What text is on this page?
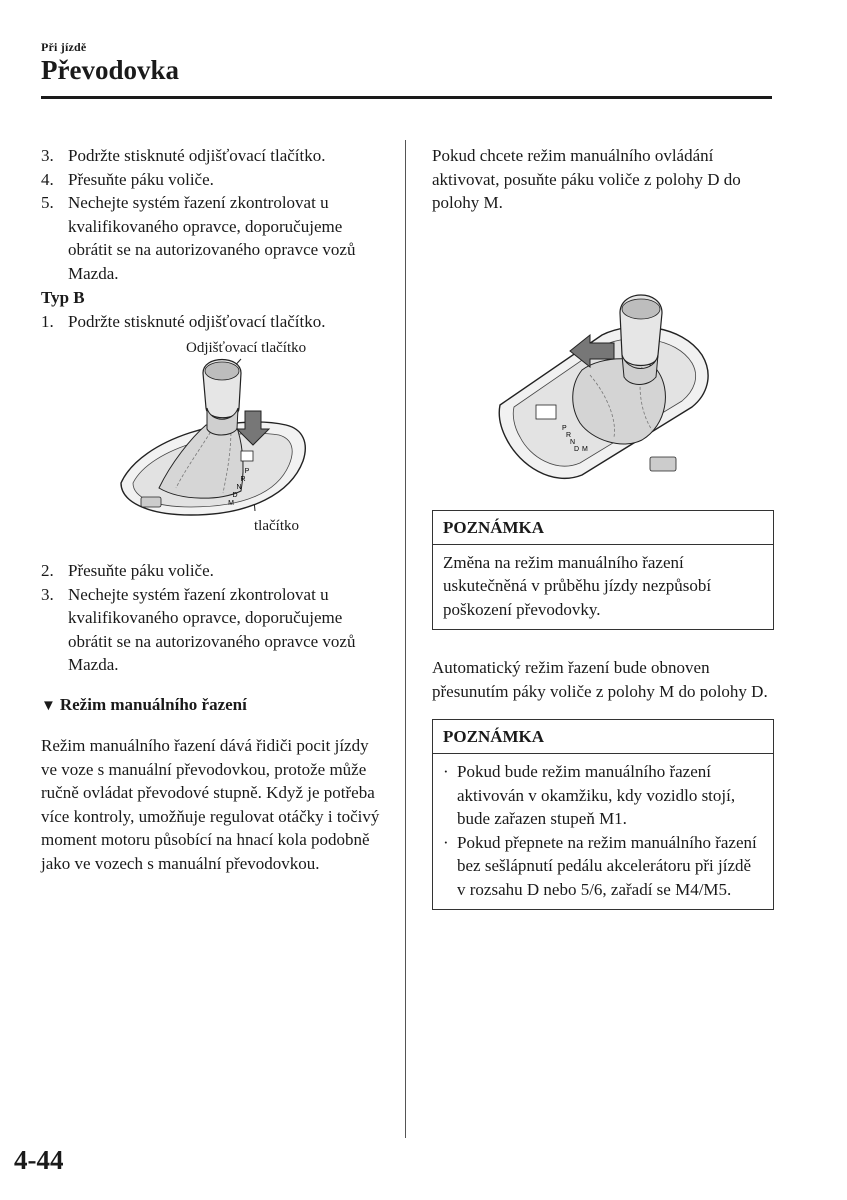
Při jízdě
Převodovka
3. Podržte stisknuté odjišťovací tlačítko.
4. Přesuňte páku voliče.
5. Nechejte systém řazení zkontrolovat u kvalifikovaného opravce, doporučujeme obrátit se na autorizovaného opravce vozů Mazda.
Typ B
1. Podržte stisknuté odjišťovací tlačítko.
Odjišťovací tlačítko
P
R
N
D
M
tlačítko
2. Přesuňte páku voliče.
3. Nechejte systém řazení zkontrolovat u kvalifikovaného opravce, doporučujeme obrátit se na autorizovaného opravce vozů Mazda.
▼ Režim manuálního řazení

Režim manuálního řazení dává řidiči pocit jízdy ve voze s manuální převodovkou, protože může ručně ovládat převodové stupně. Když je potřeba více kontroly, umožňuje regulovat otáčky i točivý moment motoru působící na hnací kola podobně jako ve vozech s manuální převodovkou.

Pokud chcete režim manuálního ovládání aktivovat, posuňte páku voliče z polohy D do polohy M.

P
R
N
D M
POZNÁMKA
Změna na režim manuálního řazení uskutečněná v průběhu jízdy nezpůsobí poškození převodovky.

Automatický režim řazení bude obnoven přesunutím páky voliče z polohy M do polohy D.

POZNÁMKA
· Pokud bude režim manuálního řazení aktivován v okamžiku, kdy vozidlo stojí, bude zařazen stupeň M1.
· Pokud přepnete na režim manuálního řazení bez sešlápnutí pedálu akcelerátoru při jízdě v rozsahu D nebo 5/6, zařadí se M4/M5.
4-44
